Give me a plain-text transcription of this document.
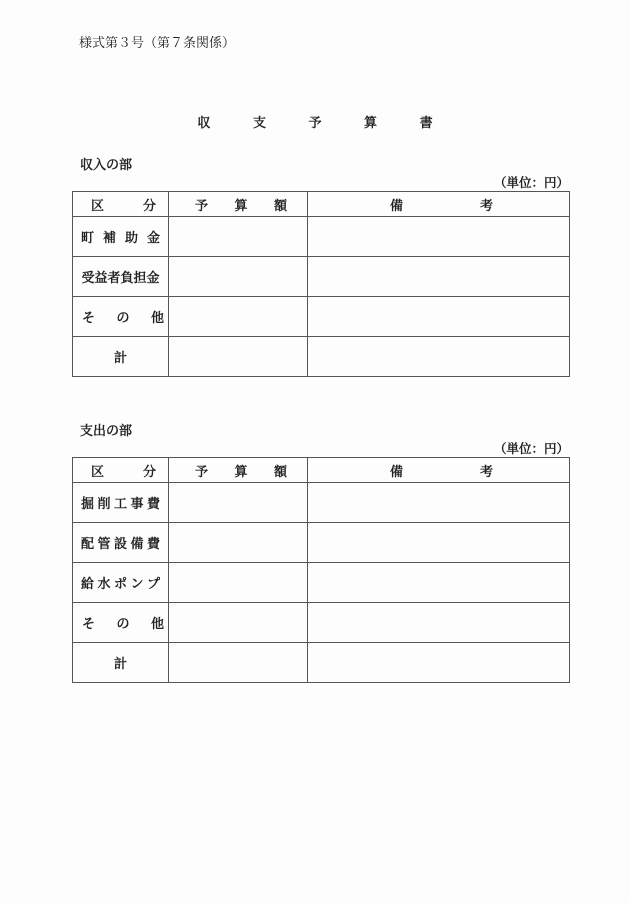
様式第３号（第７条関係）
収	支	予	算	書
収入の部
（単位：円）
区 分	予 算 額	備 考

町 補 助 金		

受益者負担金		

そ の 他		

計		

支出の部
（単位：円）
区 分	予 算 額	備 考

掘 削 工 事 費		

配 管 設 備 費		

給 水 ポ ン プ		

そ の 他		

計		
